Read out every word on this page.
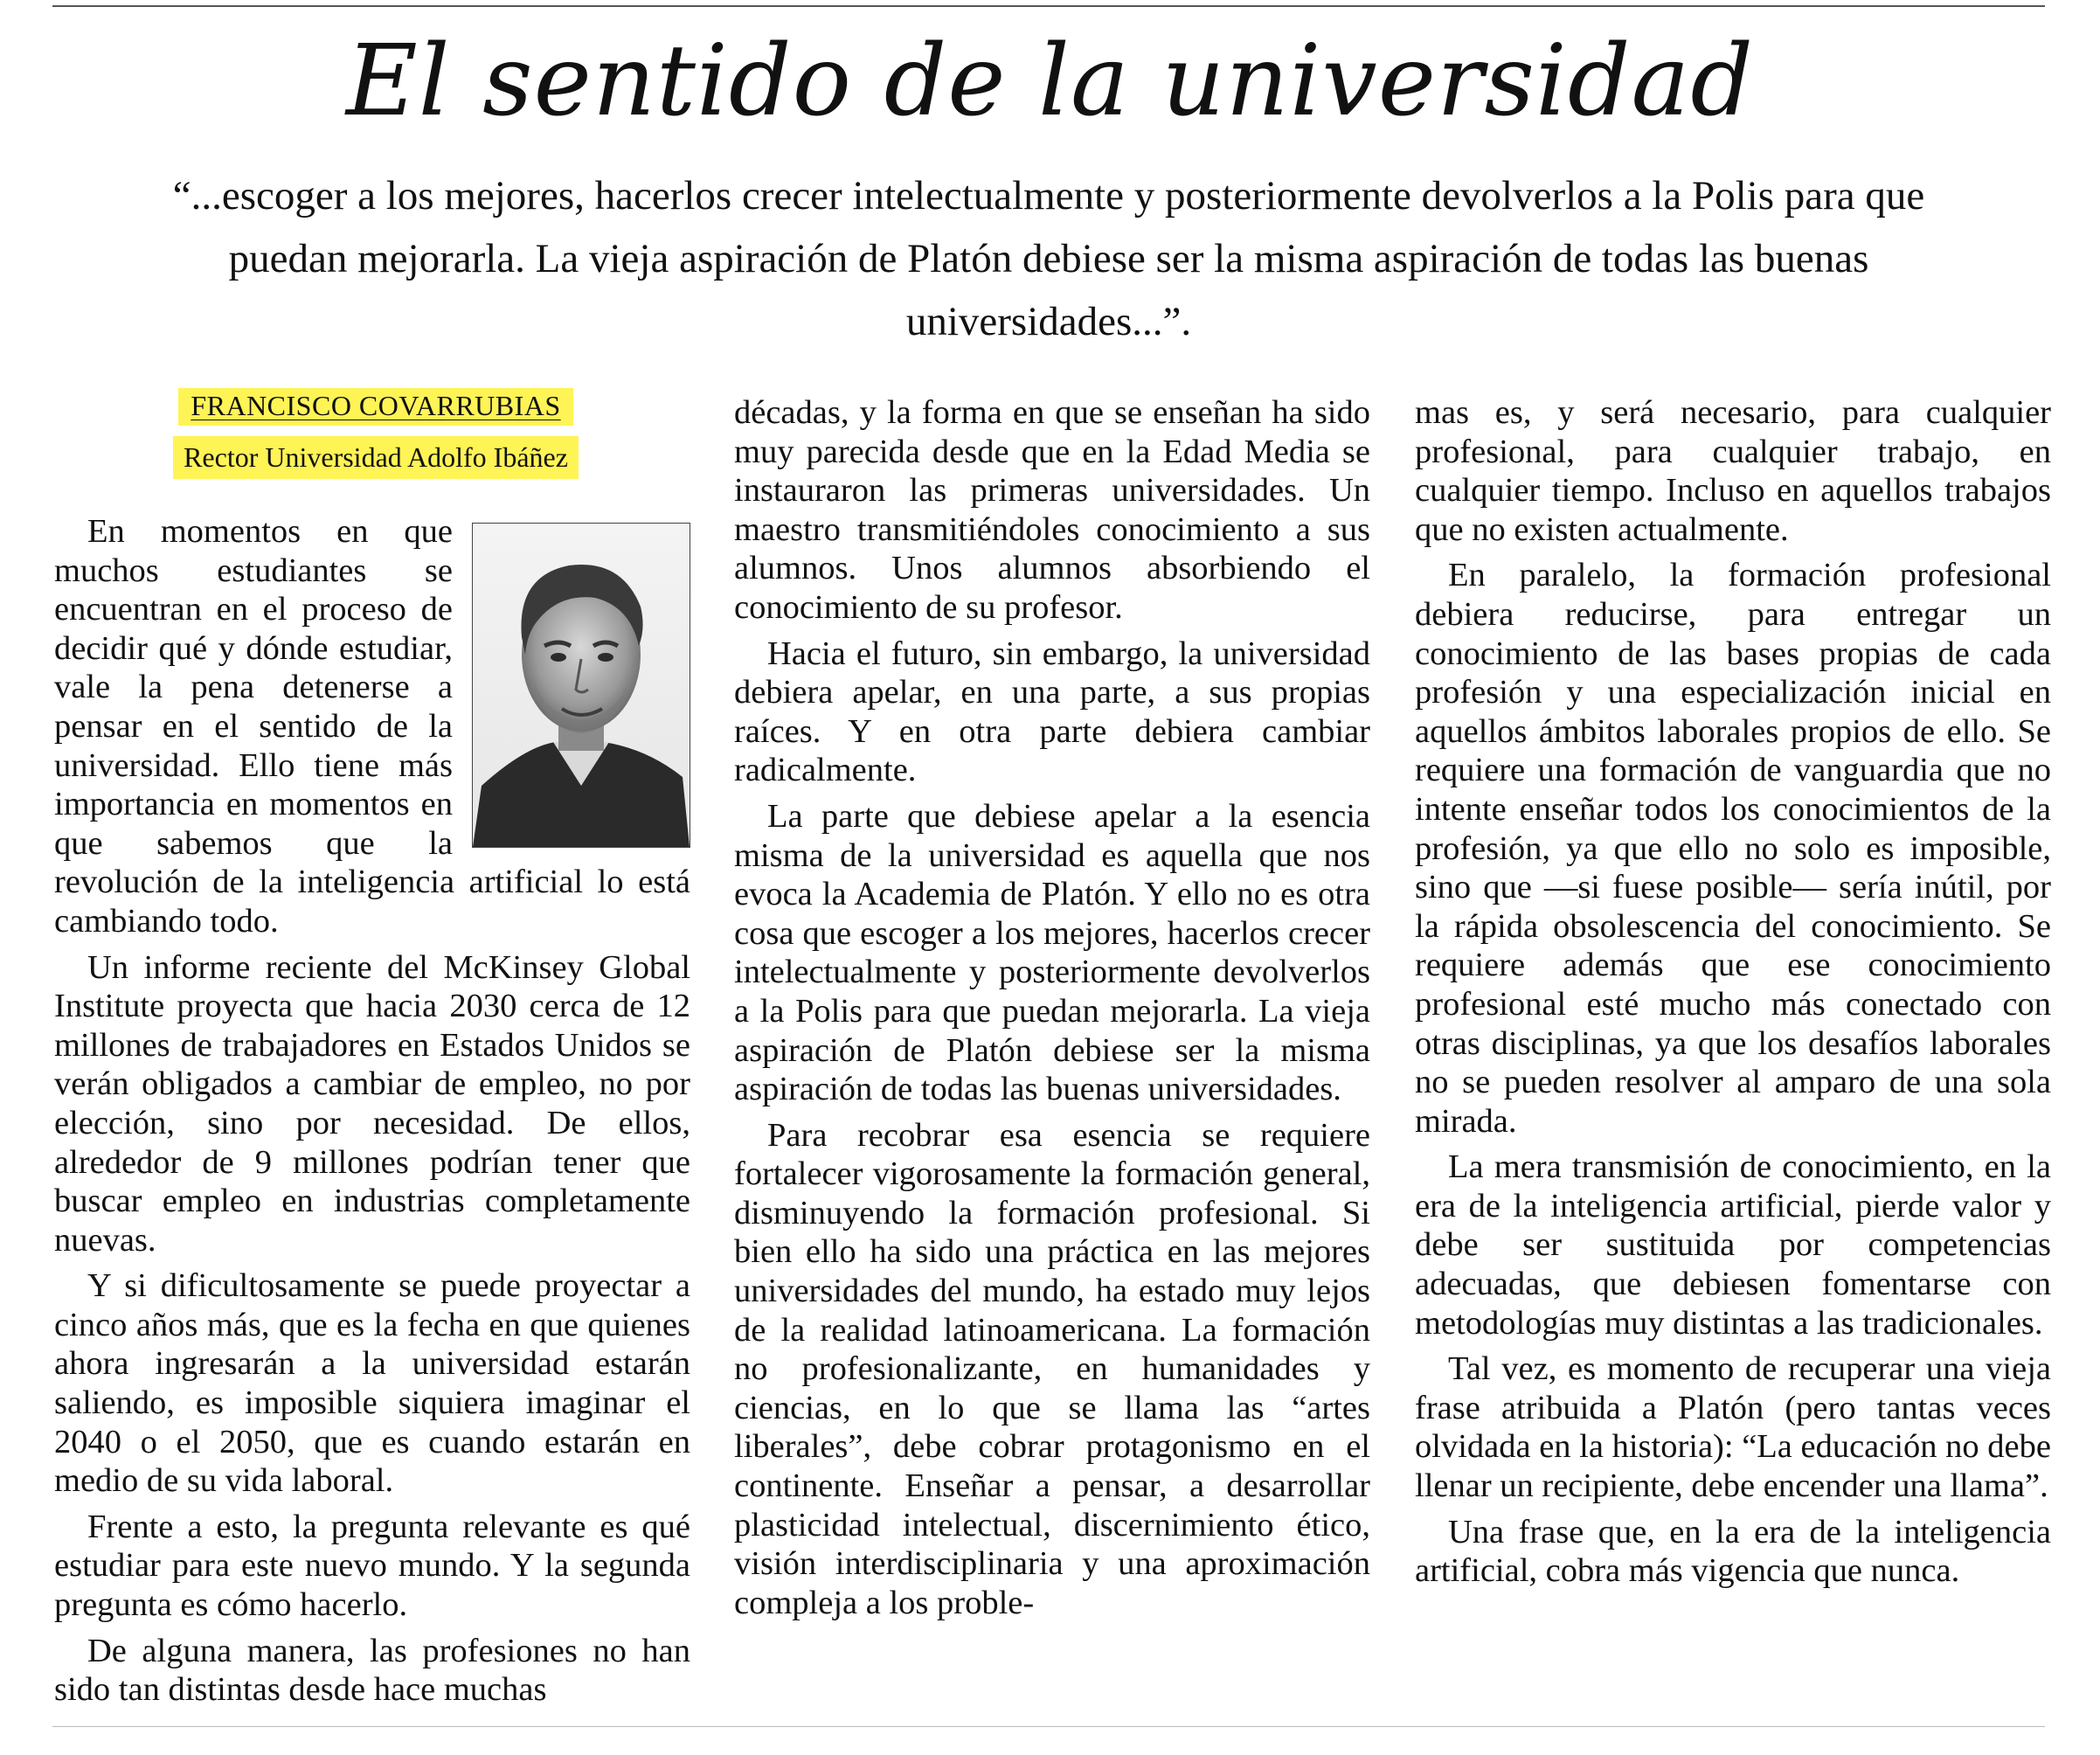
El sentido de la universidad
“...escoger a los mejores, hacerlos crecer intelectualmente y posteriormente devolverlos a la Polis para que puedan mejorarla. La vieja aspiración de Platón debiese ser la misma aspiración de todas las buenas universidades...”.
FRANCISCO COVARRUBIAS
Rector Universidad Adolfo Ibáñez

En momentos en que muchos estudiantes se encuentran en el proceso de decidir qué y dónde estudiar, vale la pena detenerse a pensar en el sentido de la universidad. Ello tiene más importancia en momentos en que sabemos que la revolución de la inteligencia artificial lo está cambiando todo.

Un informe reciente del McKinsey Global Institute proyecta que hacia 2030 cerca de 12 millones de trabajadores en Estados Unidos se verán obligados a cambiar de empleo, no por elección, sino por necesidad. De ellos, alrededor de 9 millones podrían tener que buscar empleo en industrias completamente nuevas.

Y si dificultosamente se puede proyectar a cinco años más, que es la fecha en que quienes ahora ingresarán a la universidad estarán saliendo, es imposible siquiera imaginar el 2040 o el 2050, que es cuando estarán en medio de su vida laboral.

Frente a esto, la pregunta relevante es qué estudiar para este nuevo mundo. Y la segunda pregunta es cómo hacerlo.

De alguna manera, las profesiones no han sido tan distintas desde hace muchas

décadas, y la forma en que se enseñan ha sido muy parecida desde que en la Edad Media se instauraron las primeras universidades. Un maestro transmitiéndoles conocimiento a sus alumnos. Unos alumnos absorbiendo el conocimiento de su profesor.

Hacia el futuro, sin embargo, la universidad debiera apelar, en una parte, a sus propias raíces. Y en otra parte debiera cambiar radicalmente.

La parte que debiese apelar a la esencia misma de la universidad es aquella que nos evoca la Academia de Platón. Y ello no es otra cosa que escoger a los mejores, hacerlos crecer intelectualmente y posteriormente devolverlos a la Polis para que puedan mejorarla. La vieja aspiración de Platón debiese ser la misma aspiración de todas las buenas universidades.

Para recobrar esa esencia se requiere fortalecer vigorosamente la formación general, disminuyendo la formación profesional. Si bien ello ha sido una práctica en las mejores universidades del mundo, ha estado muy lejos de la realidad latinoamericana. La formación no profesionalizante, en humanidades y ciencias, en lo que se llama las “artes liberales”, debe cobrar protagonismo en el continente. Enseñar a pensar, a desarrollar plasticidad intelectual, discernimiento ético, visión interdisciplinaria y una aproximación compleja a los proble-

mas es, y será necesario, para cualquier profesional, para cualquier trabajo, en cualquier tiempo. Incluso en aquellos trabajos que no existen actualmente.

En paralelo, la formación profesional debiera reducirse, para entregar un conocimiento de las bases propias de cada profesión y una especialización inicial en aquellos ámbitos laborales propios de ello. Se requiere una formación de vanguardia que no intente enseñar todos los conocimientos de la profesión, ya que ello no solo es imposible, sino que —si fuese posible— sería inútil, por la rápida obsolescencia del conocimiento. Se requiere además que ese conocimiento profesional esté mucho más conectado con otras disciplinas, ya que los desafíos laborales no se pueden resolver al amparo de una sola mirada.

La mera transmisión de conocimiento, en la era de la inteligencia artificial, pierde valor y debe ser sustituida por competencias adecuadas, que debiesen fomentarse con metodologías muy distintas a las tradicionales.

Tal vez, es momento de recuperar una vieja frase atribuida a Platón (pero tantas veces olvidada en la historia): “La educación no debe llenar un recipiente, debe encender una llama”.

Una frase que, en la era de la inteligencia artificial, cobra más vigencia que nunca.
